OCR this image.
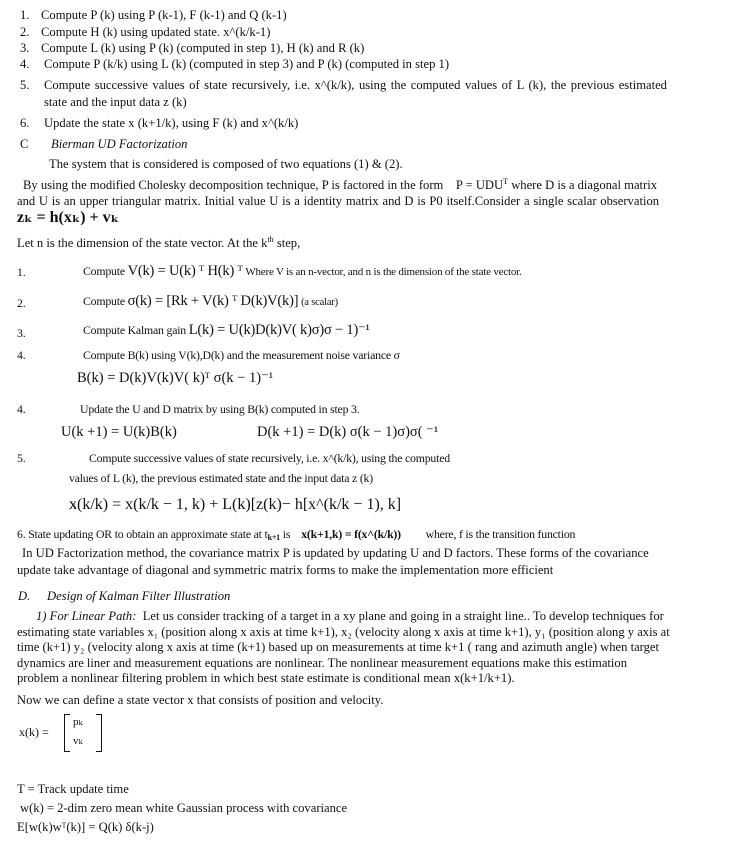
1. Compute P (k) using P (k-1), F (k-1) and Q (k-1)
2. Compute H (k) using updated state. x^(k/k-1)
3. Compute L (k) using P (k) (computed in step 1), H (k) and R (k)
4. Compute P (k/k) using L (k) (computed in step 3) and P (k) (computed in step 1)
5. Compute successive values of state recursively, i.e. x^(k/k), using the computed values of L (k), the previous estimated
state and the input data z (k)
6. Update the state x (k+1/k), using F (k) and x^(k/k)
C Bierman UD Factorization
The system that is considered is composed of two equations (1) & (2).
By using the modified Cholesky decomposition technique, P is factored in the form $P = UDU^T$ where D is a diagonal matrix
and U is an upper triangular matrix. Initial value U is a identity matrix and D is P0 itself.Consider a single scalar observation
zₖ = h(xₖ) + vₖ
Let n is the dimension of the state vector. At the $k^{th}$ step,
1.	Compute V(k) = U(k) ᵀ H(k) ᵀ Where V is an n-vector, and n is the dimension of the state vector.
2.	Compute σ(k) = [Rk + V(k) ᵀ D(k)V(k)] (a scalar)
3.	Compute Kalman gain L(k) = U(k)D(k)V( k)σ)σ − 1)⁻¹
4.	Compute B(k) using V(k),D(k) and the measurement noise variance σ
B(k) = D(k)V(k)V( k)ᵀ σ(k − 1)⁻¹
4.	Update the U and D matrix by using B(k) computed in step 3.
U(k +1) = U(k)B(k)	D(k +1) = D(k) σ(k − 1)σ)σ( ⁻¹
5.	Compute successive values of state recursively, i.e. x^(k/k), using the computed
values of L (k), the previous estimated state and the input data z (k)
x(k/k) = x(k/k − 1, k) + L(k)[z(k)− h[x^(k/k − 1), k]
6. State updating OR to obtain an approximate state at $t_{k+1}$ is x(k+1,k) = f(x^(k/k)) where, f is the transition function
In UD Factorization method, the covariance matrix P is updated by updating U and D factors. These forms of the covariance
update take advantage of diagonal and symmetric matrix forms to make the implementation more efficient
D. Design of Kalman Filter Illustration
1) For Linear Path: Let us consider tracking of a target in a xy plane and going in a straight line.. To develop techniques for
estimating state variables x₁ (position along x axis at time k+1), x₂ (velocity along x axis at time k+1), y₁ (position along y axis at
time (k+1) y₂ (velocity along x axis at time (k+1) based up on measurements at time k+1 ( rang and azimuth angle) when target
dynamics are liner and measurement equations are nonlinear. The nonlinear measurement equations make this estimation
problem a nonlinear filtering problem in which best state estimate is conditional mean x(k+1/k+1).
Now we can define a state vector x that consists of position and velocity.
x(k) =
pₖ
vₖ
T = Track update time
w(k) = 2-dim zero mean white Gaussian process with covariance
E[w(k)wᵀ(k)] = Q(k) δ(k-j)
